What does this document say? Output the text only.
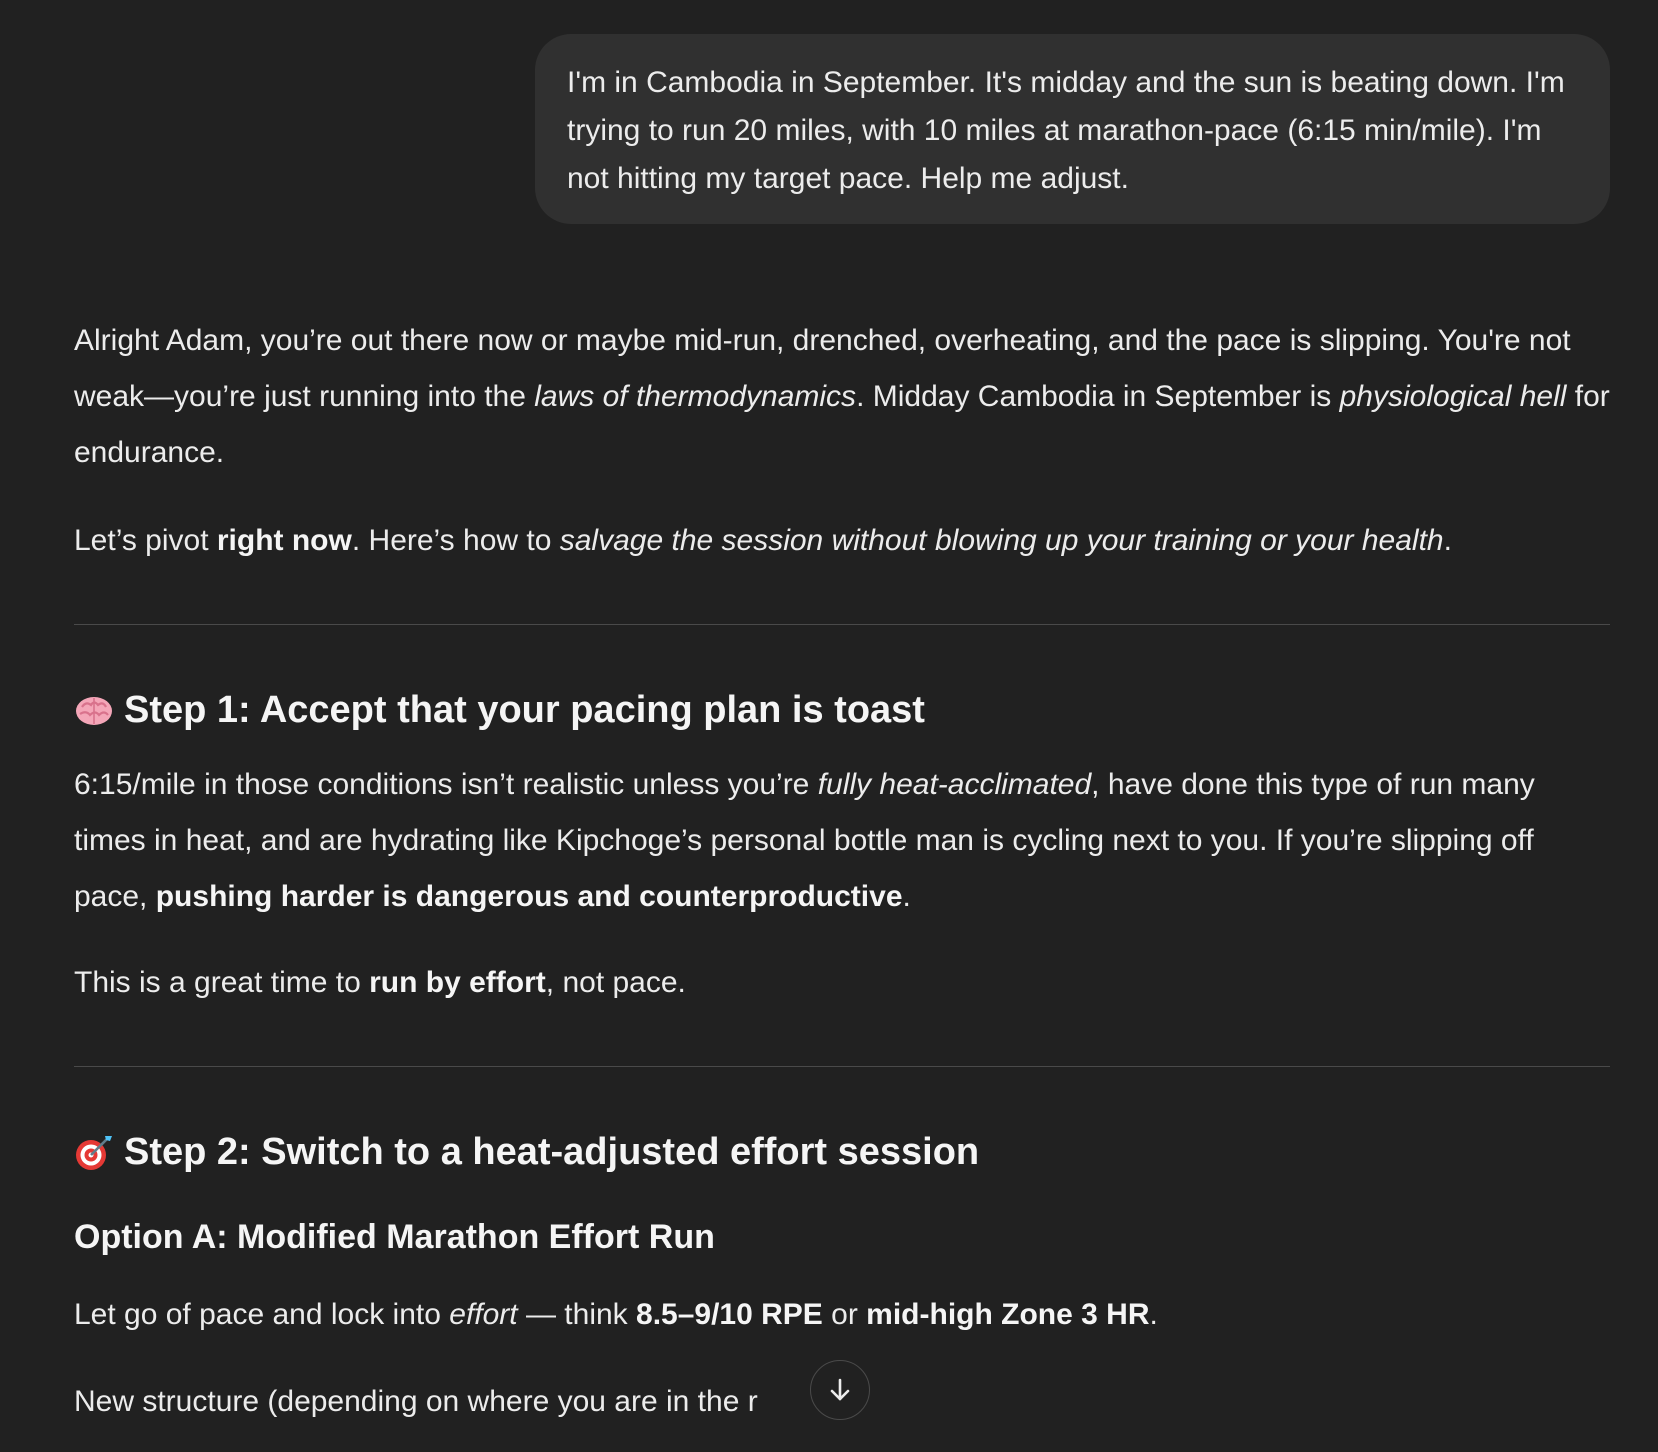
I'm in Cambodia in September. It's midday and the sun is beating down. I'm trying to run 20 miles, with 10 miles at marathon-pace (6:15 min/mile). I'm not hitting my target pace. Help me adjust.

Alright Adam, you’re out there now or maybe mid-run, drenched, overheating, and the pace is slipping. You're not weak—you’re just running into the laws of thermodynamics. Midday Cambodia in September is physiological hell for endurance.

Let’s pivot right now. Here’s how to salvage the session without blowing up your training or your health.

Step 1: Accept that your pacing plan is toast

6:15/mile in those conditions isn’t realistic unless you’re fully heat-acclimated, have done this type of run many times in heat, and are hydrating like Kipchoge’s personal bottle man is cycling next to you. If you’re slipping off pace, pushing harder is dangerous and counterproductive.

This is a great time to run by effort, not pace.

Step 2: Switch to a heat-adjusted effort session
Option A: Modified Marathon Effort Run

Let go of pace and lock into effort — think 8.5–9/10 RPE or mid-high Zone 3 HR.

New structure (depending on where you are in the r
